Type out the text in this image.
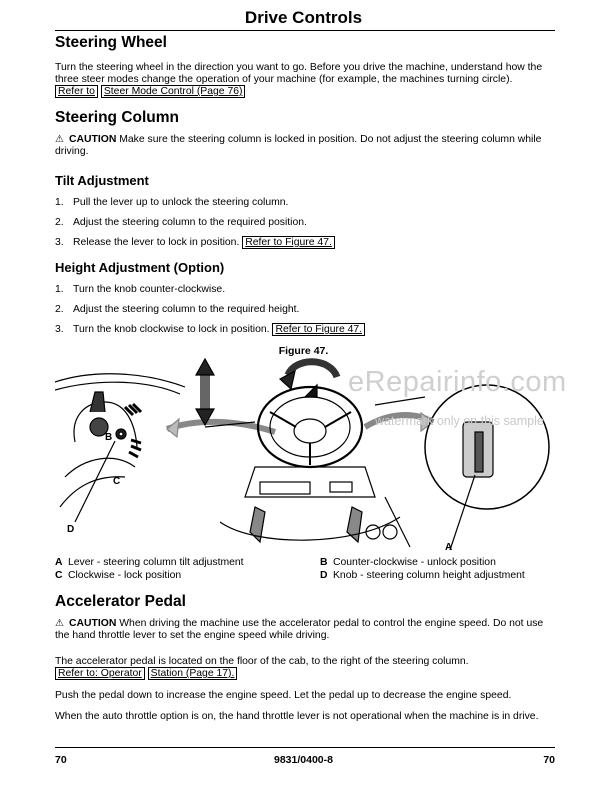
Drive Controls
Steering Wheel
Turn the steering wheel in the direction you want to go. Before you drive the machine, understand how the three steer modes change the operation of your machine (for example, the machines turning circle). Refer to Steer Mode Control (Page 76)
Steering Column
⚠ CAUTION Make sure the steering column is locked in position. Do not adjust the steering column while driving.
Tilt Adjustment
1. Pull the lever up to unlock the steering column.
2. Adjust the steering column to the required position.
3. Release the lever to lock in position. Refer to Figure 47.
Height Adjustment (Option)
1. Turn the knob counter-clockwise.
2. Adjust the steering column to the required height.
3. Turn the knob clockwise to lock in position. Refer to Figure 47.
Figure 47.
B
C
D
A
eRepairinfo.com
watermark only on this sample
A Lever - steering column tilt adjustment	B Counter-clockwise - unlock position
C Clockwise - lock position	D Knob - steering column height adjustment
Accelerator Pedal
⚠ CAUTION When driving the machine use the accelerator pedal to control the engine speed. Do not use the hand throttle lever to set the engine speed while driving.
The accelerator pedal is located on the floor of the cab, to the right of the steering column. Refer to: Operator Station (Page 17).
Push the pedal down to increase the engine speed. Let the pedal up to decrease the engine speed.
When the auto throttle option is on, the hand throttle lever is not operational when the machine is in drive.
70	9831/0400-8	70
